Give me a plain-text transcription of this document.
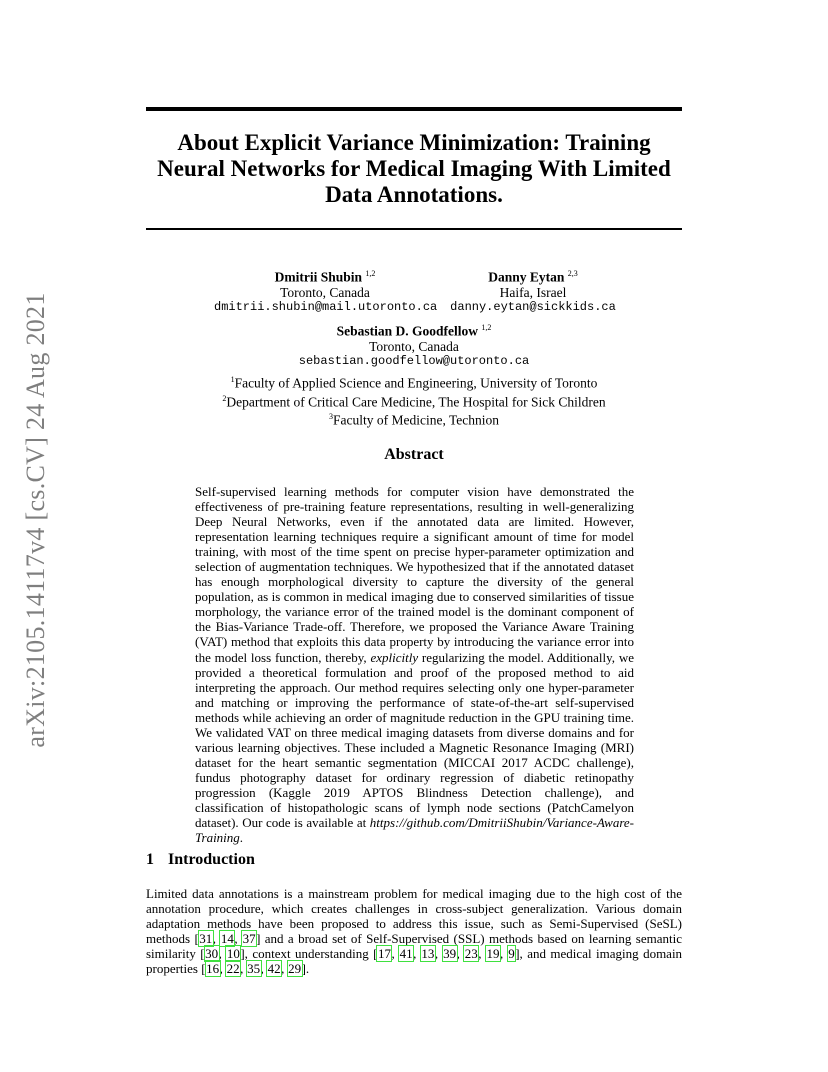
arXiv:2105.14117v4 [cs.CV] 24 Aug 2021
About Explicit Variance Minimization: Training
Neural Networks for Medical Imaging With Limited
Data Annotations.
Dmitrii Shubin $^{1,2}$
Toronto, Canada
dmitrii.shubin@mail.utoronto.ca
Danny Eytan $^{2,3}$
Haifa, Israel
danny.eytan@sickkids.ca
Sebastian D. Goodfellow $^{1,2}$
Toronto, Canada
sebastian.goodfellow@utoronto.ca
$^1$Faculty of Applied Science and Engineering, University of Toronto
$^2$Department of Critical Care Medicine, The Hospital for Sick Children
$^3$Faculty of Medicine, Technion
Abstract

Self-supervised learning methods for computer vision have demonstrated the effectiveness of pre-training feature representations, resulting in well-generalizing Deep Neural Networks, even if the annotated data are limited. However, representation learning techniques require a significant amount of time for model training, with most of the time spent on precise hyper-parameter optimization and selection of augmentation techniques. We hypothesized that if the annotated dataset has enough morphological diversity to capture the diversity of the general population, as is common in medical imaging due to conserved similarities of tissue morphology, the variance error of the trained model is the dominant component of the Bias-Variance Trade-off. Therefore, we proposed the Variance Aware Training (VAT) method that exploits this data property by introducing the variance error into the model loss function, thereby, explicitly regularizing the model. Additionally, we provided a theoretical formulation and proof of the proposed method to aid interpreting the approach. Our method requires selecting only one hyper-parameter and matching or improving the performance of state-of-the-art self-supervised methods while achieving an order of magnitude reduction in the GPU training time. We validated VAT on three medical imaging datasets from diverse domains and for various learning objectives. These included a Magnetic Resonance Imaging (MRI) dataset for the heart semantic segmentation (MICCAI 2017 ACDC challenge), fundus photography dataset for ordinary regression of diabetic retinopathy progression (Kaggle 2019 APTOS Blindness Detection challenge), and classification of histopathologic scans of lymph node sections (PatchCamelyon dataset). Our code is available at https://github.com/DmitriiShubin/Variance-Aware-Training.

1 Introduction

Limited data annotations is a mainstream problem for medical imaging due to the high cost of the annotation procedure, which creates challenges in cross-subject generalization. Various domain adaptation methods have been proposed to address this issue, such as Semi-Supervised (SeSL) methods [31, 14, 37] and a broad set of Self-Supervised (SSL) methods based on learning semantic similarity [30, 10], context understanding [17, 41, 13, 39, 23, 19, 9], and medical imaging domain properties [16, 22, 35, 42, 29].
